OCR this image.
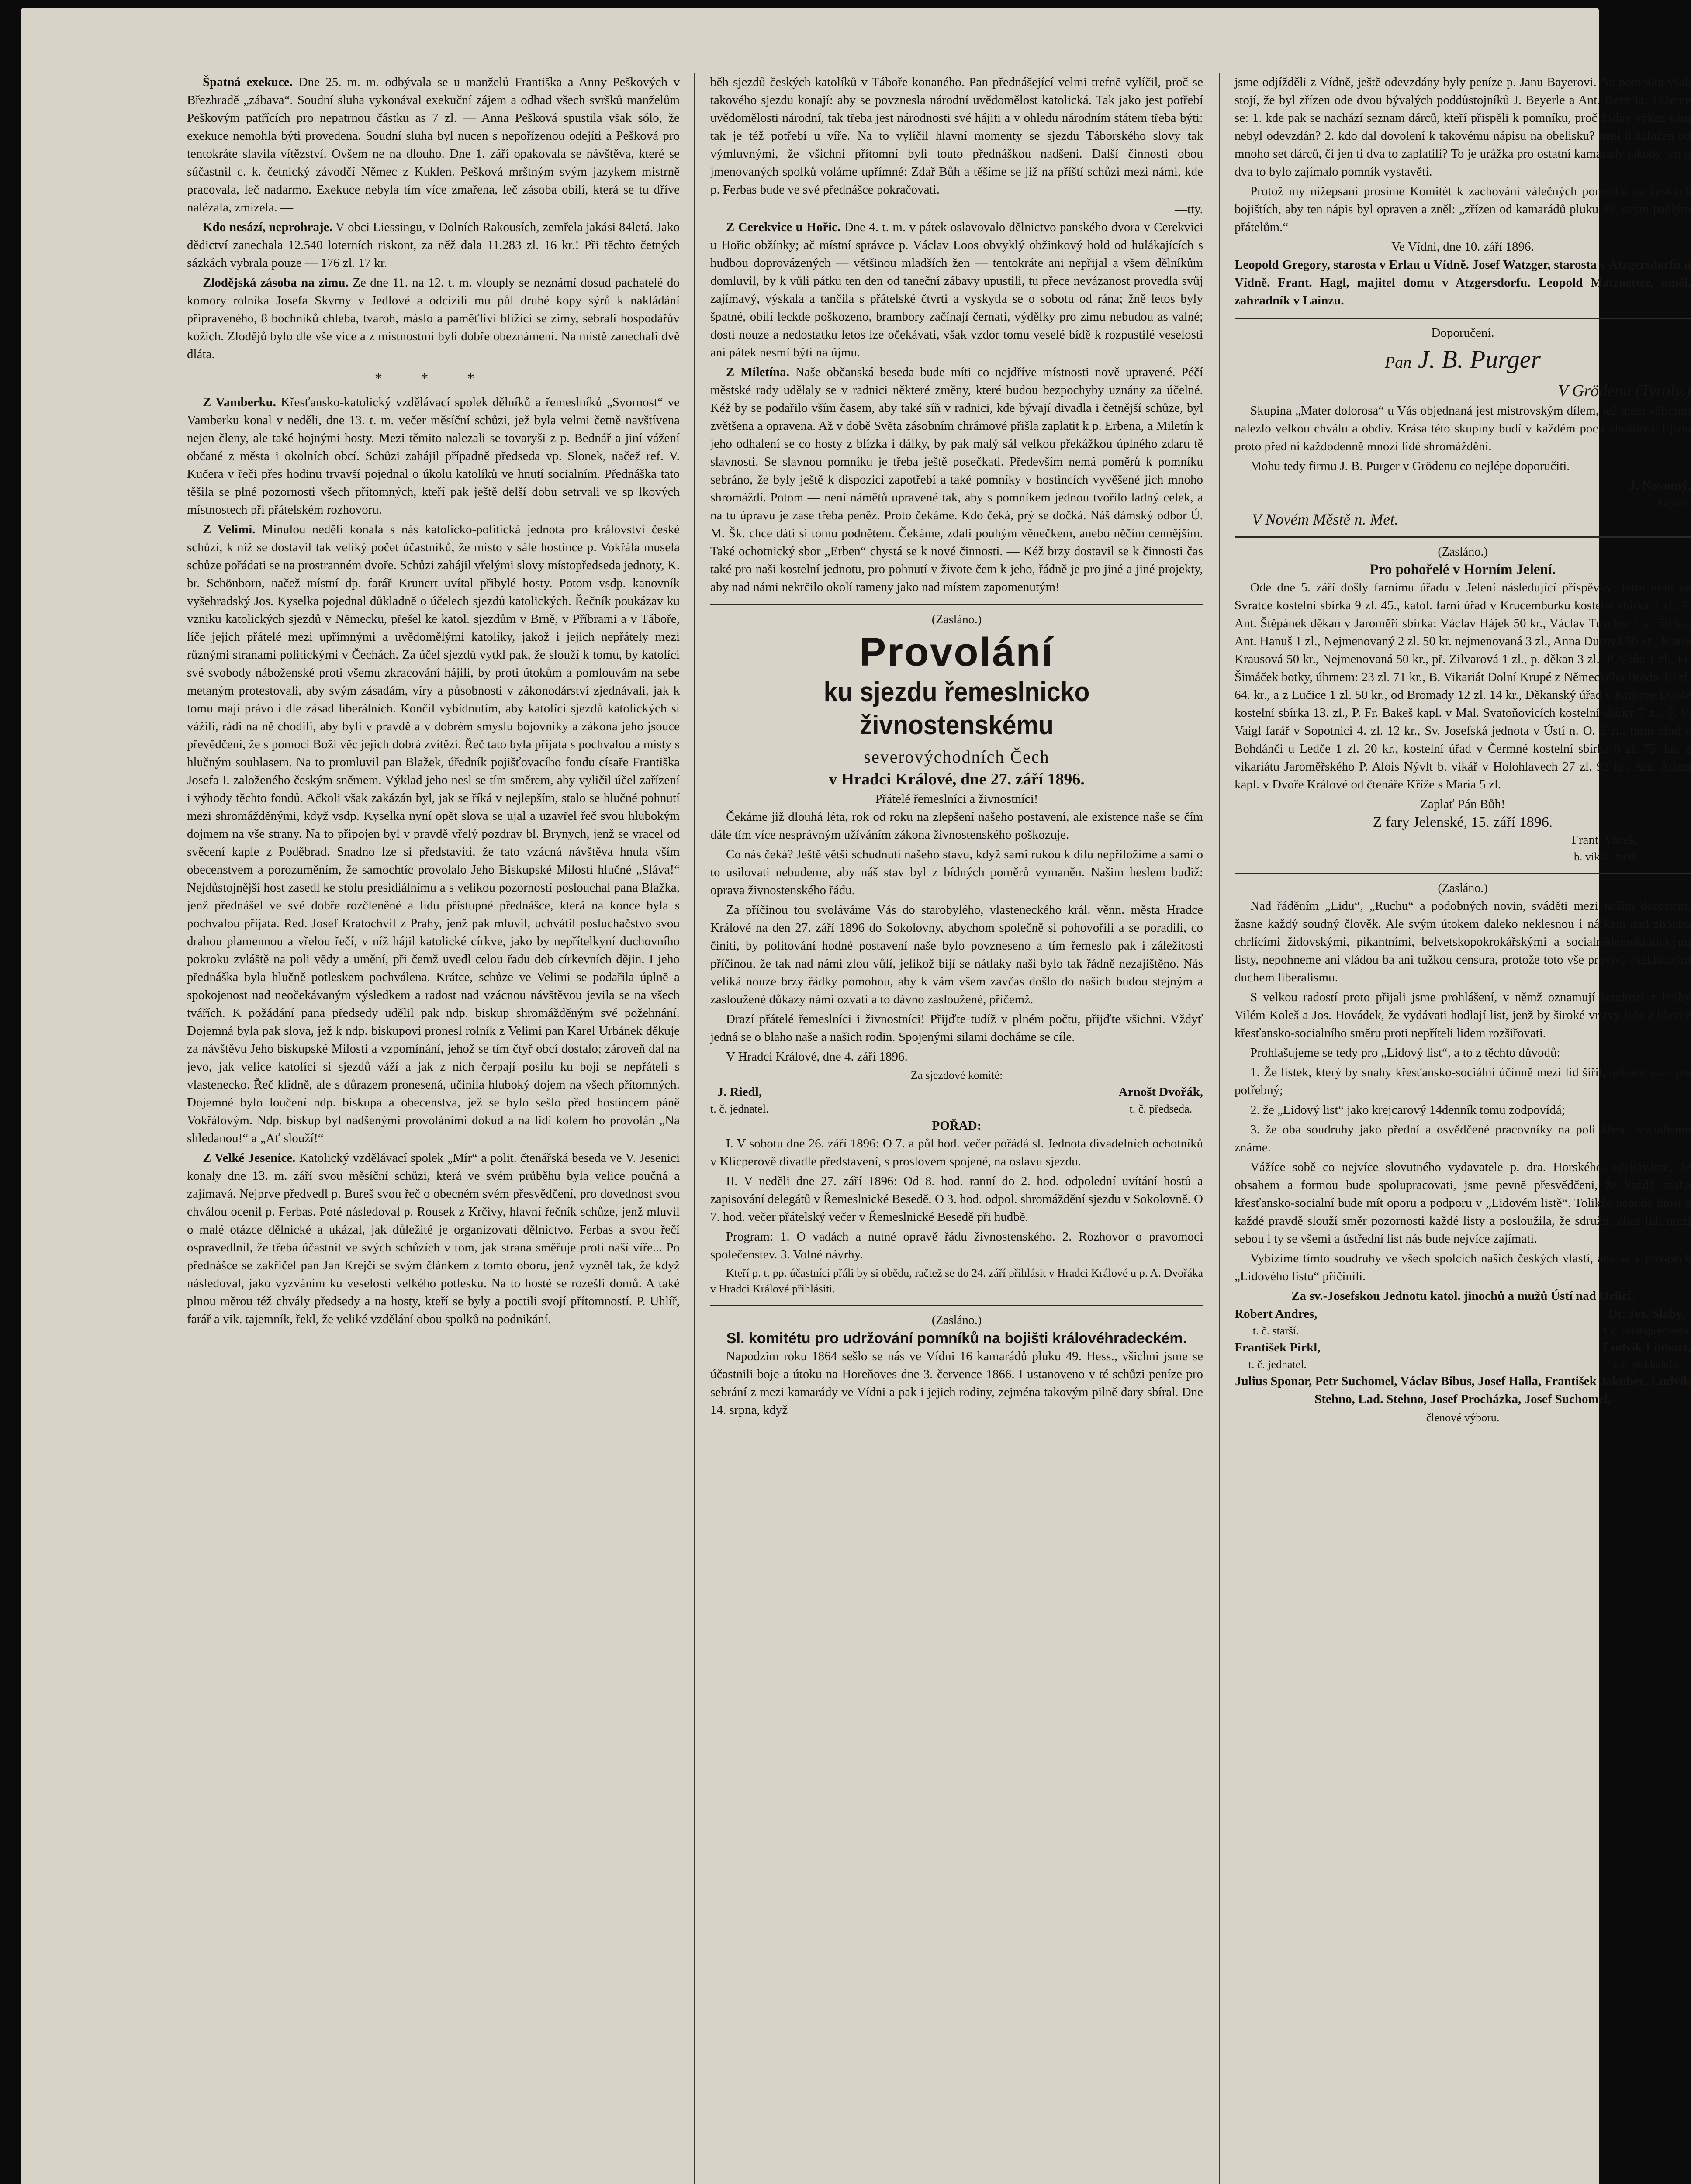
Špatná exekuce. Dne 25. m. m. odbývala se u manželů Františka a Anny Peškových v Březhradě „zábava“. Soudní sluha vykonával exekuční zájem a odhad všech svršků manželům Peškovým patřících pro nepatrnou částku as 7 zl. — Anna Pešková spustila však sólo, že exekuce nemohla býti provedena. Soudní sluha byl nucen s nepořízenou odejíti a Pešková pro tentokráte slavila vítězství. Ovšem ne na dlouho. Dne 1. září opakovala se návštěva, které se súčastnil c. k. četnický závodčí Němec z Kuklen. Pešková mrštným svým jazykem mistrně pracovala, leč nadarmo. Exekuce nebyla tím více zmařena, leč zásoba obilí, která se tu dříve nalézala, zmizela. —

Kdo nesází, neprohraje. V obci Liessingu, v Dolních Rakousích, zemřela jakási 84letá. Jako dědictví zanechala 12.540 loterních riskont, za něž dala 11.283 zl. 16 kr.! Při těchto četných sázkách vybrala pouze — 176 zl. 17 kr.

Zlodějská zásoba na zimu. Ze dne 11. na 12. t. m. vlouply se neznámí dosud pachatelé do komory rolníka Josefa Skvrny v Jedlové a odcizili mu půl druhé kopy sýrů k nakládání připraveného, 8 bochníků chleba, tvaroh, máslo a paměťliví blížící se zimy, sebrali hospodářův kožich. Zlodějů bylo dle vše více a z místnostmi byli dobře obeznámeni. Na místě zanechali dvě dláta.

* * *

Z Vamberku. Křesťansko-katolický vzdělávací spolek dělníků a řemeslníků „Svornost“ ve Vamberku konal v neděli, dne 13. t. m. večer měsíční schůzi, jež byla velmi četně navštívena nejen členy, ale také hojnými hosty. Mezi těmito nalezali se tovaryši z p. Bednář a jiní vážení občané z města i okolních obcí. Schůzi zahájil případně předseda vp. Slonek, načež ref. V. Kučera v řeči přes hodinu trvavší pojednal o úkolu katolíků ve hnutí socialním. Přednáška tato těšila se plné pozornosti všech přítomných, kteří pak ještě delší dobu setrvali ve sp lkových místnostech při přátelském rozhovoru.

Z Velimi. Minulou neděli konala s nás katolicko-politická jednota pro království české schůzi, k níž se dostavil tak veliký počet účastníků, že místo v sále hostince p. Vokřála musela schůze pořádati se na prostranném dvoře. Schůzi zahájil vřelými slovy místopředseda jednoty, K. br. Schönborn, načež místní dp. farář Krunert uvítal přibylé hosty. Potom vsdp. kanovník vyšehradský Jos. Kyselka pojednal důkladně o účelech sjezdů katolických. Řečník poukázav ku vzniku katolických sjezdů v Německu, přešel ke katol. sjezdům v Brně, v Příbrami a v Táboře, líče jejich přátelé mezi upřímnými a uvědomělými katolíky, jakož i jejich nepřátely mezi různými stranami politickými v Čechách. Za účel sjezdů vytkl pak, že slouží k tomu, by katolíci své svobody náboženské proti všemu zkracování hájili, by proti útokům a pomlouvám na sebe metaným protestovali, aby svým zásadám, víry a působnosti v zákonodárství zjednávali, jak k tomu mají právo i dle zásad liberálních. Končil vybídnutím, aby katolíci sjezdů katolických si vážili, rádi na ně chodili, aby byli v pravdě a v dobrém smyslu bojovníky a zákona jeho jsouce převědčeni, že s pomocí Boží věc jejich dobrá zvítězí. Řeč tato byla přijata s pochvalou a místy s hlučným souhlasem. Na to promluvil pan Blažek, úředník pojišťovacího fondu císaře Františka Josefa I. založeného českým sněmem. Výklad jeho nesl se tím směrem, aby vyličil účel zařízení i výhody těchto fondů. Ačkoli však zakázán byl, jak se říká v nejlepším, stalo se hlučné pohnutí mezi shromážděnými, když vsdp. Kyselka nyní opět slova se ujal a uzavřel řeč svou hlubokým dojmem na vše strany. Na to připojen byl v pravdě vřelý pozdrav bl. Brynych, jenž se vracel od svěcení kaple z Poděbrad. Snadno lze si představiti, že tato vzácná návštěva hnula vším obecenstvem a porozuměním, že samochtíc provolalo Jeho Biskupské Milosti hlučné „Sláva!“ Nejdůstojnější host zasedl ke stolu presidiálnímu a s velikou pozorností poslouchal pana Blažka, jenž přednášel ve své dobře rozčleněné a lidu přístupné přednášce, která na konce byla s pochvalou přijata. Red. Josef Kratochvíl z Prahy, jenž pak mluvil, uchvátil posluchačstvo svou drahou plamennou a vřelou řečí, v níž hájil katolické církve, jako by nepřítelkyní duchovního pokroku zvláště na poli vědy a umění, při čemž uvedl celou řadu dob církevních dějin. I jeho přednáška byla hlučně potleskem pochválena. Krátce, schůze ve Velimi se podařila úplně a spokojenost nad neočekávaným výsledkem a radost nad vzácnou návštěvou jevila se na všech tvářích. K požádání pana předsedy udělil pak ndp. biskup shromážděným své požehnání. Dojemná byla pak slova, jež k ndp. biskupovi pronesl rolník z Velimi pan Karel Urbánek děkuje za návštěvu Jeho biskupské Milosti a vzpomínání, jehož se tím čtyř obcí dostalo; zároveň dal na jevo, jak velice katolíci si sjezdů váží a jak z nich čerpají posilu ku boji se nepřáteli s vlastenecko. Řeč klidně, ale s důrazem pronesená, učinila hluboký dojem na všech přítomných. Dojemné bylo loučení ndp. biskupa a obecenstva, jež se bylo sešlo před hostincem páně Vokřálovým. Ndp. biskup byl nadšenými provoláními dokud a na lidi kolem ho provolán „Na shledanou!“ a „Ať slouží!“

Z Velké Jesenice. Katolický vzdělávací spolek „Mír“ a polit. čtenářská beseda ve V. Jesenici konaly dne 13. m. září svou měsíční schůzi, která ve svém průběhu byla velice poučná a zajímavá. Nejprve předvedl p. Bureš svou řeč o obecném svém přesvědčení, pro dovednost svou chválou ocenil p. Ferbas. Poté následoval p. Rousek z Krčivy, hlavní řečník schůze, jenž mluvil o malé otázce dělnické a ukázal, jak důležité je organizovati dělnictvo. Ferbas a svou řečí ospravedlnil, že třeba účastnit ve svých schůzích v tom, jak strana směřuje proti naší víře... Po přednášce se zakřičel pan Jan Krejčí se svým článkem z tomto oboru, jenž vyzněl tak, že když následoval, jako vyzváním ku veselosti velkého potlesku. Na to hosté se rozešli domů. A také plnou měrou též chvály předsedy a na hosty, kteří se byly a poctili svojí přítomností. P. Uhlíř, farář a vik. tajemník, řekl, že veliké vzdělání obou spolků na podnikání.

běh sjezdů českých katolíků v Táboře konaného. Pan přednášející velmi trefně vylíčil, proč se takového sjezdu konají: aby se povznesla národní uvědomělost katolická. Tak jako jest potřebí uvědomělosti národní, tak třeba jest národnosti své hájiti a v ohledu národním státem třeba býti: tak je též potřebí u víře. Na to vylíčil hlavní momenty se sjezdu Táborského slovy tak výmluvnými, že všichni přítomní byli touto přednáškou nadšeni. Další činnosti obou jmenovaných spolků voláme upřímné: Zdař Bůh a těšíme se již na příští schůzi mezi námi, kde p. Ferbas bude ve své přednášce pokračovati.

—tty.

Z Cerekvice u Hořic. Dne 4. t. m. v pátek oslavovalo dělnictvo panského dvora v Cerekvici u Hořic obžínky; ač místní správce p. Václav Loos obvyklý obžinkový hold od hulákajících s hudbou doprovázených — většinou mladších žen — tentokráte ani nepřijal a všem dělníkům domluvil, by k vůli pátku ten den od taneční zábavy upustili, tu přece nevázanost provedla svůj zajímavý, výskala a tančila s přátelské čtvrti a vyskytla se o sobotu od rána; žně letos byly špatné, obilí leckde poškozeno, brambory začínají černati, výdělky pro zimu nebudou as valné; dosti nouze a nedostatku letos lze očekávati, však vzdor tomu veselé bídě k rozpustilé veselosti ani pátek nesmí býti na újmu.

Z Miletína. Naše občanská beseda bude míti co nejdříve místnosti nově upravené. Péčí městské rady udělaly se v radnici některé změny, které budou bezpochyby uznány za účelné. Kéž by se podařilo vším časem, aby také síň v radnici, kde bývají divadla i četnější schůze, byl zvětšena a opravena. Až v době Světa zásobním chrámové přišla zaplatit k p. Erbena, a Miletín k jeho odhalení se co hosty z blízka i dálky, by pak malý sál velkou překážkou úplného zdaru tě slavnosti. Se slavnou pomníku je třeba ještě posečkati. Především nemá poměrů k pomníku sebráno, že byly ještě k dispozici zapotřebí a také pomníky v hostincích vyvěšené jich mnoho shromáždí. Potom — není námětů upravené tak, aby s pomníkem jednou tvořilo ladný celek, a na tu úpravu je zase třeba peněz. Proto čekáme. Kdo čeká, prý se dočká. Náš dámský odbor Ú. M. Šk. chce dáti si tomu podnětem. Čekáme, zdali pouhým věnečkem, anebo něčím cennějším. Také ochotnický sbor „Erben“ chystá se k nové činnosti. — Kéž brzy dostavil se k činnosti čas také pro naši kostelní jednotu, pro pohnutí v živote čem k jeho, řádně je pro jiné a jiné projekty, aby nad námi nekrčilo okolí rameny jako nad místem zapomenutým!

(Zasláno.)
Provolání
ku sjezdu řemeslnicko živnostenskému
severovýchodních Čech
v Hradci Králové, dne 27. září 1896.
Přátelé řemeslníci a živnostníci!

Čekáme již dlouhá léta, rok od roku na zlepšení našeho postavení, ale existence naše se čím dále tím více nesprávným užíváním zákona živnostenského poškozuje.

Co nás čeká? Ještě větší schudnutí našeho stavu, když sami rukou k dílu nepřiložíme a sami o to usilovati nebudeme, aby náš stav byl z bídných poměrů vymaněn. Našim heslem budiž: oprava živnostenského řádu.

Za příčinou tou svoláváme Vás do starobylého, vlasteneckého král. věnn. města Hradce Králové na den 27. září 1896 do Sokolovny, abychom společně si pohovořili a se poradili, co činiti, by politování hodné postavení naše bylo povzneseno a tím řemeslo pak i záležitosti příčinou, že tak nad námi zlou vůlí, jelikož bijí se nátlaky naši bylo tak řádně nezajištěno. Nás veliká nouze brzy řádky pomohou, aby k vám všem zavčas došlo do našich budou stejným a zasloužené důkazy námi ozvati a to dávno zasloužené, přičemž.

Drazí přátelé řemeslníci i živnostníci! Přijďte tudíž v plném počtu, přijďte všichni. Vždyť jedná se o blaho naše a našich rodin. Spojenými silami docháme se cíle.

V Hradci Králové, dne 4. září 1896.

Za sjezdové komité:
J. Riedl,

t. č. jednatel.
Arnošt Dvořák,

t. č. předseda.
POŘAD:

I. V sobotu dne 26. září 1896: O 7. a půl hod. večer pořádá sl. Jednota divadelních ochotníků v Klicperově divadle představení, s proslovem spojené, na oslavu sjezdu.

II. V neděli dne 27. září 1896: Od 8. hod. ranní do 2. hod. odpolední uvítání hostů a zapisování delegátů v Řemeslnické Besedě. O 3. hod. odpol. shromáždění sjezdu v Sokolovně. O 7. hod. večer přátelský večer v Řemeslnické Besedě při hudbě.

Program: 1. O vadách a nutné opravě řádu živnostenského. 2. Rozhovor o pravomoci společenstev. 3. Volné návrhy.

Kteří p. t. pp. účastníci přáli by si obědu, račtež se do 24. září přihlásit v Hradci Králové u p. A. Dvořáka v Hradci Králové přihlásiti.

(Zasláno.)
Sl. komitétu pro udržování pomníků na bojišti královéhradeckém.

Napodzim roku 1864 sešlo se nás ve Vídni 16 kamarádů pluku 49. Hess., všichni jsme se účastnili boje a útoku na Horeňoves dne 3. července 1866. I ustanoveno v té schůzi peníze pro sebrání z mezi kamarády ve Vídni a pak i jejich rodiny, zejména takovým pilně dary sbíral. Dne 14. srpna, když

jsme odjížděli z Vídně, ještě odevzdány byly peníze p. Janu Bayerovi. Na pomníku však stojí, že byl zřízen ode dvou bývalých poddůstojníků J. Beyerle a Ant. Beyerla. Tážeme se: 1. kde pak se nachází seznam dárců, kteří přispěli k pomníku, proč žádný výkaz nám nebyl odevzdán? 2. kdo dal dovolení k takovému nápisu na obelisku? není li založen od mnoho set dárců, či jen ti dva to zaplatili? To je urážka pro ostatní kamarády jakoby jen ti dva to bylo zajímalo pomník vystavěti.

Protož my nížepsaní prosíme Komitét k zachování válečných pomníků na českých bojištích, aby ten nápis byl opraven a zněl: „zřízen od kamarádů pluku 49. svým padlým přátelům.“

Ve Vídni, dne 10. září 1896.

Leopold Gregory, starosta v Erlau u Vídně. Josef Watzger, starosta v Atzgersdorfu u Vídně. Frant. Hagl, majitel domu v Atzgersdorfu. Leopold Matznetter, uměl. zahradník v Lainzu.

Doporučení.
Pan J. B. Purger
V Grödenu (Tyroly.)

Skupina „Mater dolorosa“ u Vás objednaná jest mistrovským dílem, jež mezi věřícími nalezlo velkou chválu a obdiv. Krása této skupiny budí v každém pocit zbožnosti i jsou proto před ní každodenně mnozí lidé shromážděni.

Mohu tedy firmu J. B. Purger v Grödenu co nejlépe doporučiti.

J. Novotný,
kaplan.
V Novém Městě n. Met.
(Zasláno.)
Pro pohořelé v Horním Jelení.

Ode dne 5. září došly farnímu úřadu v Jelení následující příspěvky: farní úřad ve Svratce kostelní sbírka 9 zl. 45., katol. farní úřad v Krucemburku kostelní sbírka 1 zl., P. Ant. Štěpánek děkan v Jaroměři sbírka: Václav Hájek 50 kr., Václav Tuscher 1 zl. 50 kr., Ant. Hanuš 1 zl., Nejmenovaný 2 zl. 50 kr. nejmenovaná 3 zl., Anna Dusová 50 kr., Marie Krausová 50 kr., Nejmenovaná 50 kr., př. Zilvarová 1 zl., p. děkan 3 zl., P. Váňa 1 zl., Fr. Šimáček botky, úhrnem: 23 zl. 71 kr., B. Vikariát Dolní Krupé z Německého Brodu 10 zl. 64. kr., a z Lučice 1 zl. 50 kr., od Bromady 12 zl. 14 kr., Děkanský úřad v Králové Dvoře kostelní sbírka 13. zl., P. Fr. Bakeš kapl. v Mal. Svatoňovicích kostelní sbírky 7 zl., P. V. Vaigl farář v Sopotnici 4. zl. 12 kr., Sv. Josefská jednota v Ústí n. O. 5 zl., farní úřad v Bohdánči u Ledče 1 zl. 20 kr., kostelní úřad v Čermné kostelní sbírka 6 zl. 75. kr., z vikariátu Jaroměřského P. Alois Nývlt b. vikář v Holohlavech 27 zl. 92 kr., Ant. Adam kapl. v Dvoře Králové od čtenáře Kříže s Maria 5 zl.

Zaplať Pán Bůh!
Z fary Jelenské, 15. září 1896.
Frant. Vacek,
b. vikář, farář.
(Zasláno.)

Nad řáděním „Lidu“, „Ruchu“ a podobných novin, sváděti mezi naším dorostem, žasne každý soudný člověk. Ale svým útokem daleko neklesnou i nářkem nad zhoubu chrlícími židovskými, pikantními, belvetskopokrokářskými a socialnědemokratickými listy, nepohneme ani vládou ba ani tužkou censura, protože toto vše provívá rozkladným duchem liberalismu.

S velkou radostí proto přijali jsme prohlášení, v němž oznamují soudruzi z Prahy Vilém Koleš a Jos. Hovádek, že vydávati hodlají list, jenž by široké vrstvy lidu a hlavně křesťansko-socialního směru proti nepříteli lidem rozšiřovati.

Prohlašujeme se tedy pro „Lidový list“, a to z těchto důvodů:

1. Že lístek, který by snahy křesťansko-sociální účinně mezi lid šířil, nebude nám jen potřebný;

2. že „Lidový list“ jako krejcarový 14denník tomu zodpovídá;

3. že oba soudruhy jako přední a osvědčené pracovníky na poli křesť. socialismu známe.

Vážíce sobě co nejvíce slovutného vydavatele p. dra. Horského, očekáváme, že obsahem a formou bude spolupracovati, jsme pevně přesvědčeni, že každá snaha křesťansko-socialní bude mít oporu a podporu v „Lidovém listě“. Tolikže nebude litost a každé pravdě slouží směr pozornosti každé listy a posloužila, že sdružiti chce lidi mezi sebou i ty se všemi a ústřední list nás bude nejvíce zajímati.

Vybízíme tímto soudruhy ve všech spolcích našich českých vlastí, aby se k prospěch „Lidového listu“ přičinili.

Za sv.-Josefskou Jednotu katol. jinochů a mužů Ústí nad Orlicí.
Robert Andres,

t. č. starší.
Dr. Jos. Slabý,

t. č. místopředseda.
František Pirkl,

t. č. jednatel.
Ludvík Linhart,

t. č. pokladník.

Julius Sponar, Petr Suchomel, Václav Bibus, Josef Halla, František Jakubec, Ludvík Stehno, Lad. Stehno, Josef Procházka, Josef Suchomel,

členové výboru.
